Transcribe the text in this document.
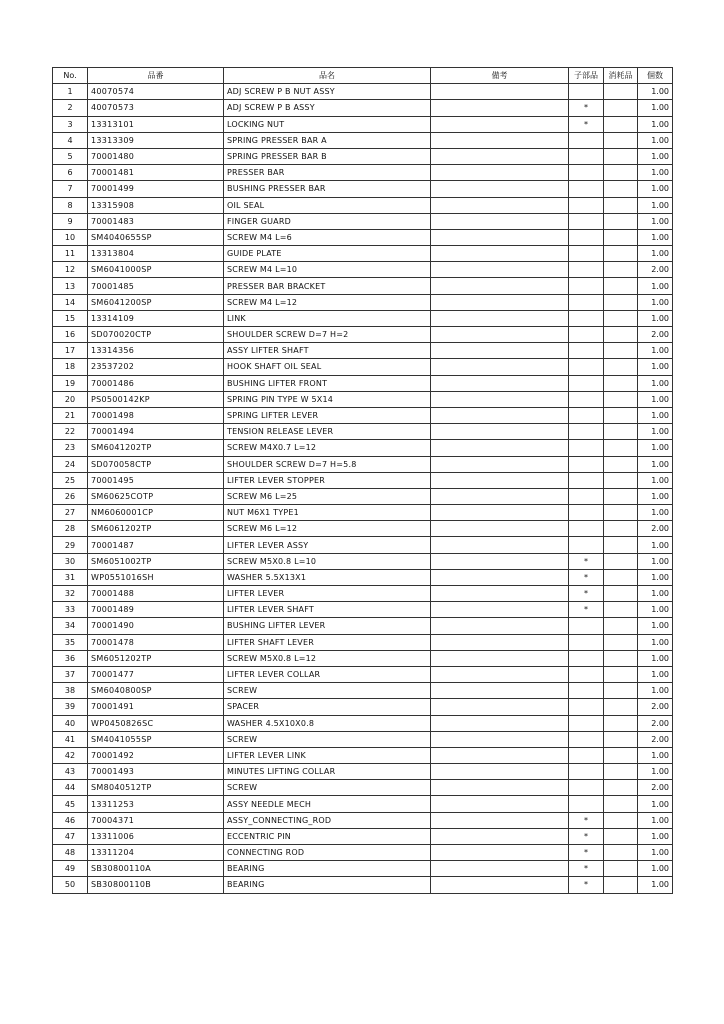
No.	品番	品名	備考	子部品	消耗品	個数
1	40070574	ADJ SCREW P B NUT ASSY				1.00
2	40070573	ADJ SCREW P B ASSY		*		1.00
3	13313101	LOCKING NUT		*		1.00
4	13313309	SPRING PRESSER BAR A				1.00
5	70001480	SPRING PRESSER BAR B				1.00
6	70001481	PRESSER BAR				1.00
7	70001499	BUSHING PRESSER BAR				1.00
8	13315908	OIL SEAL				1.00
9	70001483	FINGER GUARD				1.00
10	SM4040655SP	SCREW M4 L=6				1.00
11	13313804	GUIDE PLATE				1.00
12	SM6041000SP	SCREW M4 L=10				2.00
13	70001485	PRESSER BAR BRACKET				1.00
14	SM6041200SP	SCREW M4 L=12				1.00
15	13314109	LINK				1.00
16	SD070020CTP	SHOULDER SCREW D=7 H=2				2.00
17	13314356	ASSY LIFTER SHAFT				1.00
18	23537202	HOOK SHAFT OIL SEAL				1.00
19	70001486	BUSHING LIFTER FRONT				1.00
20	PS0500142KP	SPRING PIN TYPE W 5X14				1.00
21	70001498	SPRING LIFTER LEVER				1.00
22	70001494	TENSION RELEASE LEVER				1.00
23	SM6041202TP	SCREW M4X0.7 L=12				1.00
24	SD070058CTP	SHOULDER SCREW D=7 H=5.8				1.00
25	70001495	LIFTER LEVER STOPPER				1.00
26	SM60625COTP	SCREW M6 L=25				1.00
27	NM6060001CP	NUT M6X1 TYPE1				1.00
28	SM6061202TP	SCREW M6 L=12				2.00
29	70001487	LIFTER LEVER ASSY				1.00
30	SM6051002TP	SCREW M5X0.8 L=10		*		1.00
31	WP0551016SH	WASHER 5.5X13X1		*		1.00
32	70001488	LIFTER LEVER		*		1.00
33	70001489	LIFTER LEVER SHAFT		*		1.00
34	70001490	BUSHING LIFTER LEVER				1.00
35	70001478	LIFTER SHAFT LEVER				1.00
36	SM6051202TP	SCREW M5X0.8 L=12				1.00
37	70001477	LIFTER LEVER COLLAR				1.00
38	SM6040800SP	SCREW				1.00
39	70001491	SPACER				2.00
40	WP0450826SC	WASHER 4.5X10X0.8				2.00
41	SM4041055SP	SCREW				2.00
42	70001492	LIFTER LEVER LINK				1.00
43	70001493	MINUTES LIFTING COLLAR				1.00
44	SM8040512TP	SCREW				2.00
45	13311253	ASSY NEEDLE MECH				1.00
46	70004371	ASSY_CONNECTING_ROD		*		1.00
47	13311006	ECCENTRIC PIN		*		1.00
48	13311204	CONNECTING ROD		*		1.00
49	SB30800110A	BEARING		*		1.00
50	SB30800110B	BEARING		*		1.00
